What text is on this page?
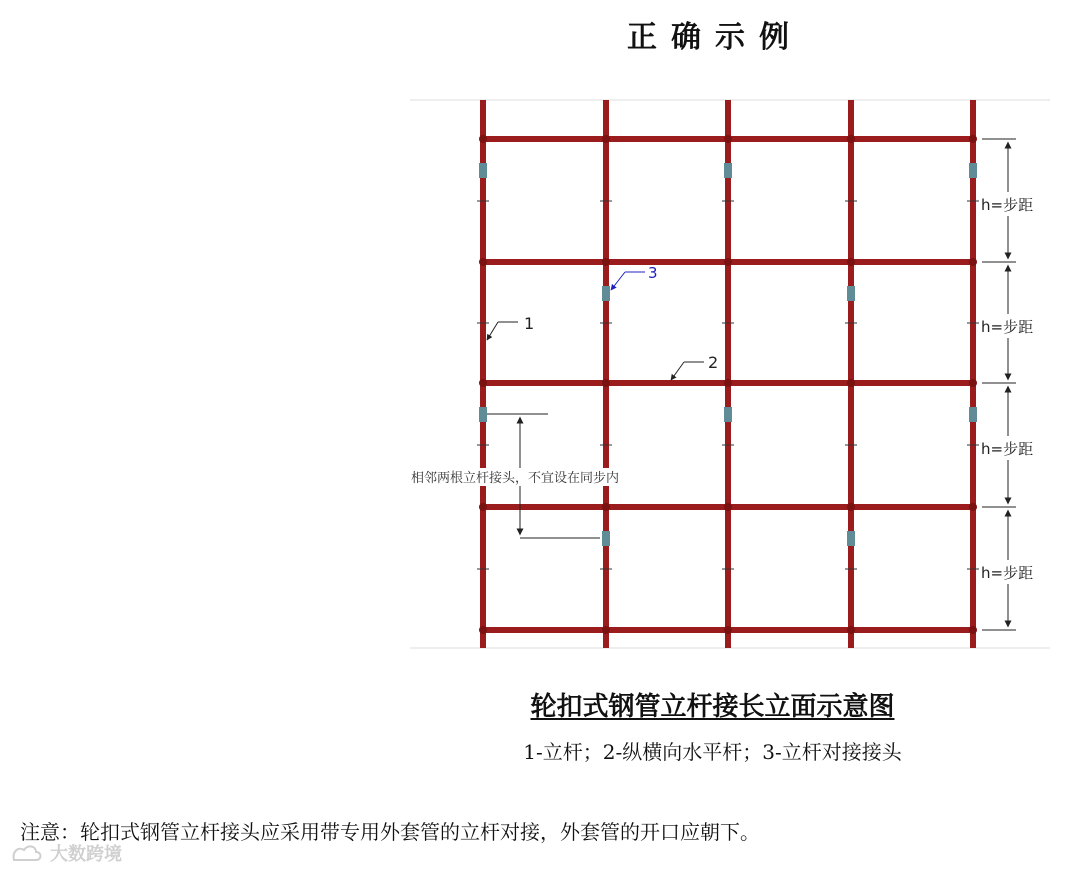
正确示例
1
2
3
相邻两根立杆接头，不宜设在同步内
h=步距
h=步距
h=步距
h=步距
轮扣式钢管立杆接长立面示意图
1-立杆；2-纵横向水平杆；3-立杆对接接头
注意：轮扣式钢管立杆接头应采用带专用外套管的立杆对接，外套管的开口应朝下。
大数跨境
